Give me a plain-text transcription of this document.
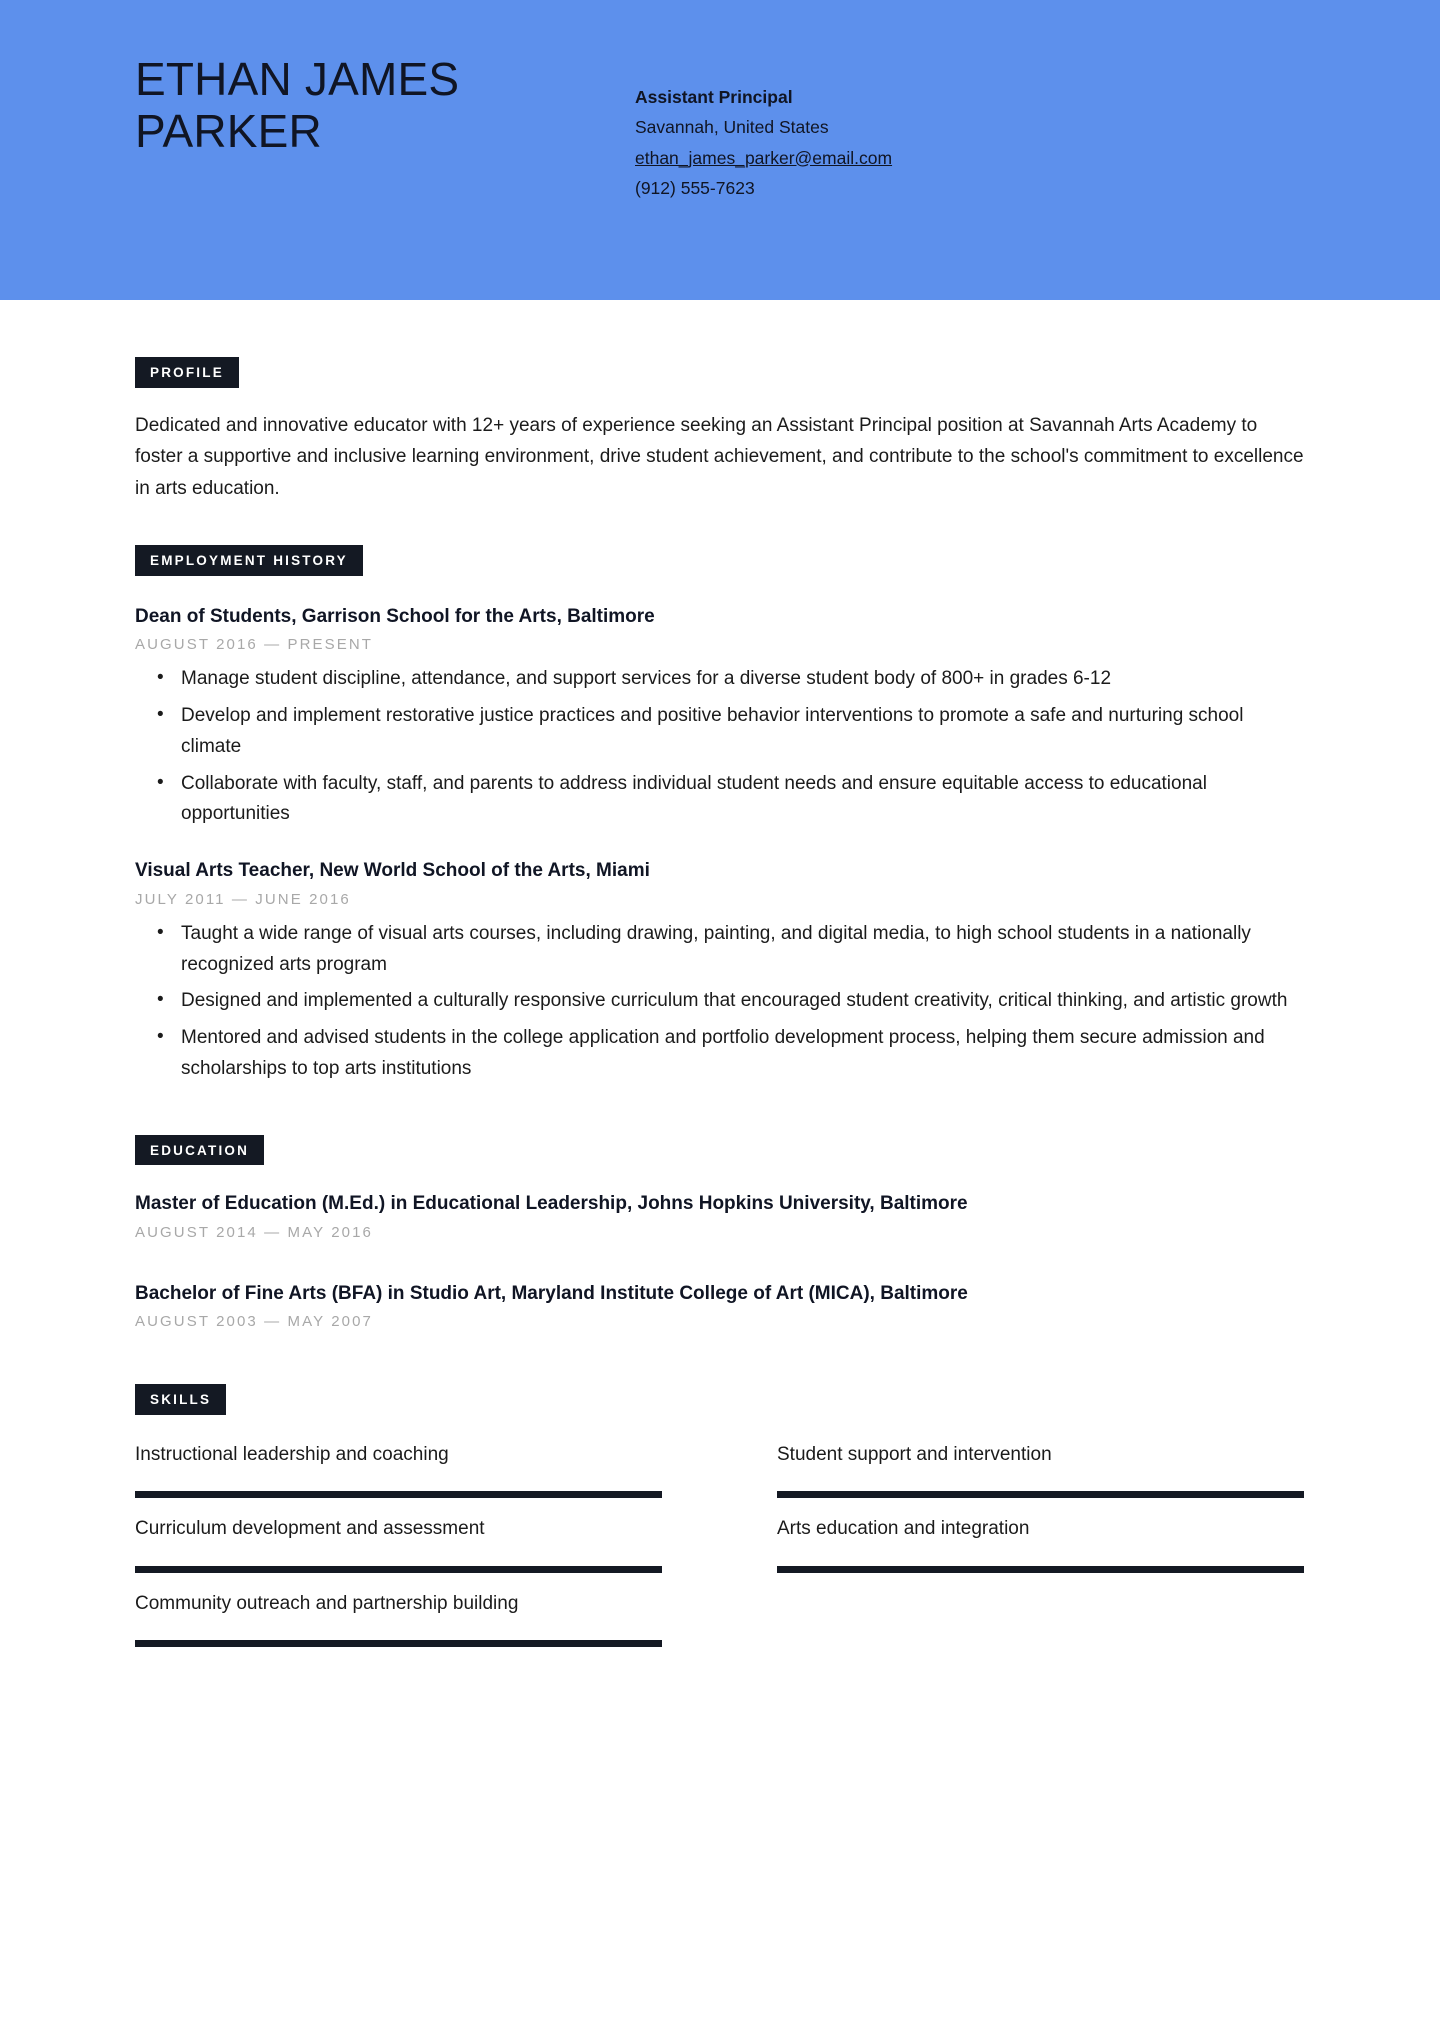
ETHAN JAMES
PARKER
Assistant Principal
Savannah, United States
ethan_james_parker@email.com
(912) 555-7623
PROFILE

Dedicated and innovative educator with 12+ years of experience seeking an Assistant Principal position at Savannah Arts Academy to foster a supportive and inclusive learning environment, drive student achievement, and contribute to the school's commitment to excellence in arts education.

EMPLOYMENT HISTORY
Dean of Students, Garrison School for the Arts, Baltimore
AUGUST 2016 — PRESENT
• Manage student discipline, attendance, and support services for a diverse student body of 800+ in grades 6-12
• Develop and implement restorative justice practices and positive behavior interventions to promote a safe and nurturing school climate
• Collaborate with faculty, staff, and parents to address individual student needs and ensure equitable access to educational opportunities
Visual Arts Teacher, New World School of the Arts, Miami
JULY 2011 — JUNE 2016
• Taught a wide range of visual arts courses, including drawing, painting, and digital media, to high school students in a nationally recognized arts program
• Designed and implemented a culturally responsive curriculum that encouraged student creativity, critical thinking, and artistic growth
• Mentored and advised students in the college application and portfolio development process, helping them secure admission and scholarships to top arts institutions
EDUCATION
Master of Education (M.Ed.) in Educational Leadership, Johns Hopkins University, Baltimore
AUGUST 2014 — MAY 2016
Bachelor of Fine Arts (BFA) in Studio Art, Maryland Institute College of Art (MICA), Baltimore
AUGUST 2003 — MAY 2007
SKILLS
Instructional leadership and coaching	Student support and intervention
Curriculum development and assessment	Arts education and integration
Community outreach and partnership building
